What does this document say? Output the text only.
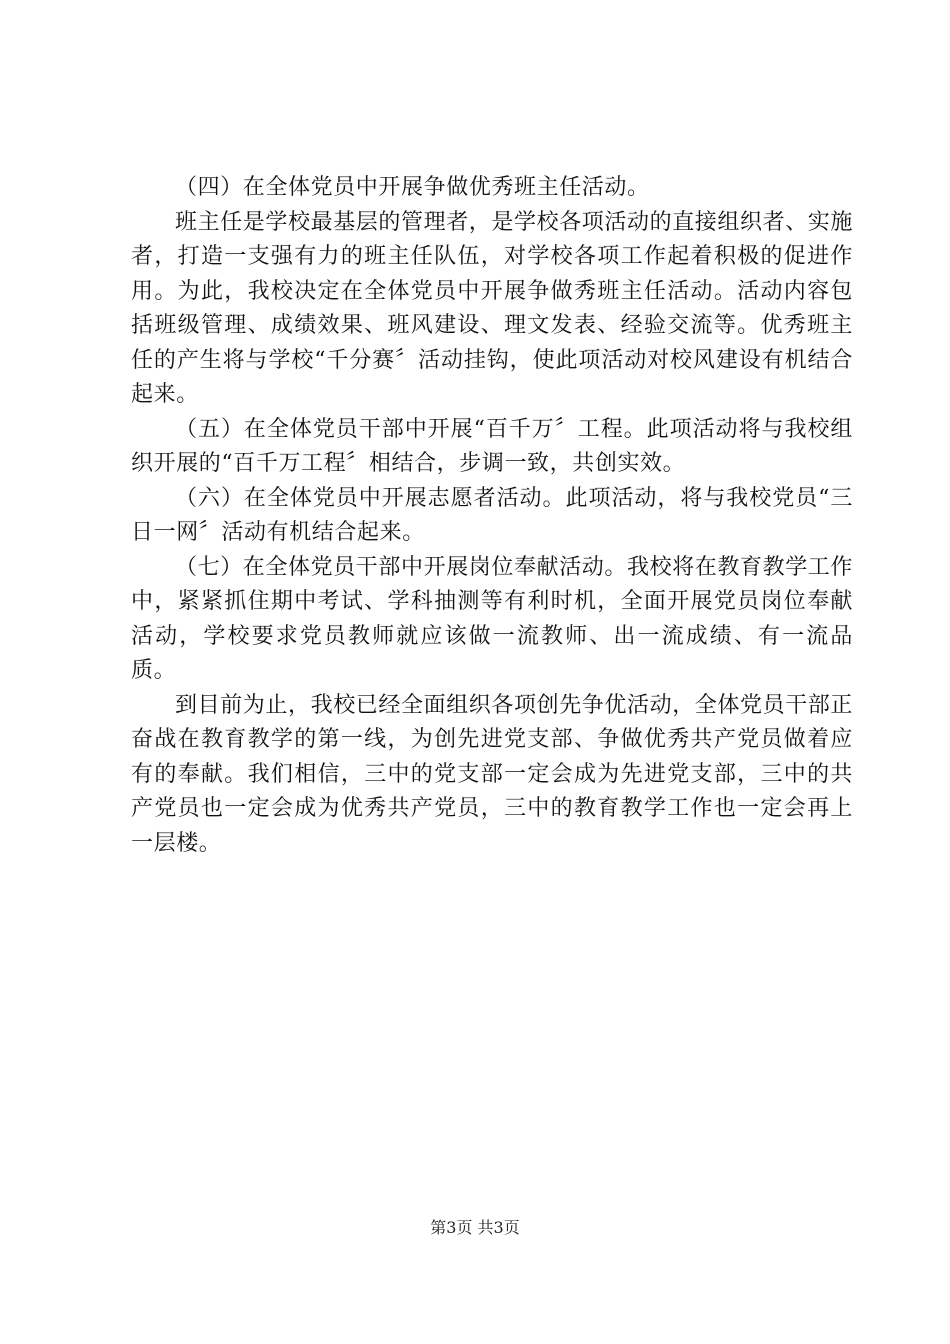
（四）在全体党员中开展争做优秀班主任活动。

班主任是学校最基层的管理者，是学校各项活动的直接组织者、实施者，打造一支强有力的班主任队伍，对学校各项工作起着积极的促进作用。为此，我校决定在全体党员中开展争做秀班主任活动。活动内容包括班级管理、成绩效果、班风建设、理文发表、经验交流等。优秀班主任的产生将与学校“千分赛〞活动挂钩，使此项活动对校风建设有机结合起来。

（五）在全体党员干部中开展“百千万〞工程。此项活动将与我校组织开展的“百千万工程〞相结合，步调一致，共创实效。

（六）在全体党员中开展志愿者活动。此项活动，将与我校党员“三日一网〞活动有机结合起来。

（七）在全体党员干部中开展岗位奉献活动。我校将在教育教学工作中，紧紧抓住期中考试、学科抽测等有利时机，全面开展党员岗位奉献活动，学校要求党员教师就应该做一流教师、出一流成绩、有一流品质。

到目前为止，我校已经全面组织各项创先争优活动，全体党员干部正奋战在教育教学的第一线，为创先进党支部、争做优秀共产党员做着应有的奉献。我们相信，三中的党支部一定会成为先进党支部，三中的共产党员也一定会成为优秀共产党员，三中的教育教学工作也一定会再上一层楼。

第3页 共3页
